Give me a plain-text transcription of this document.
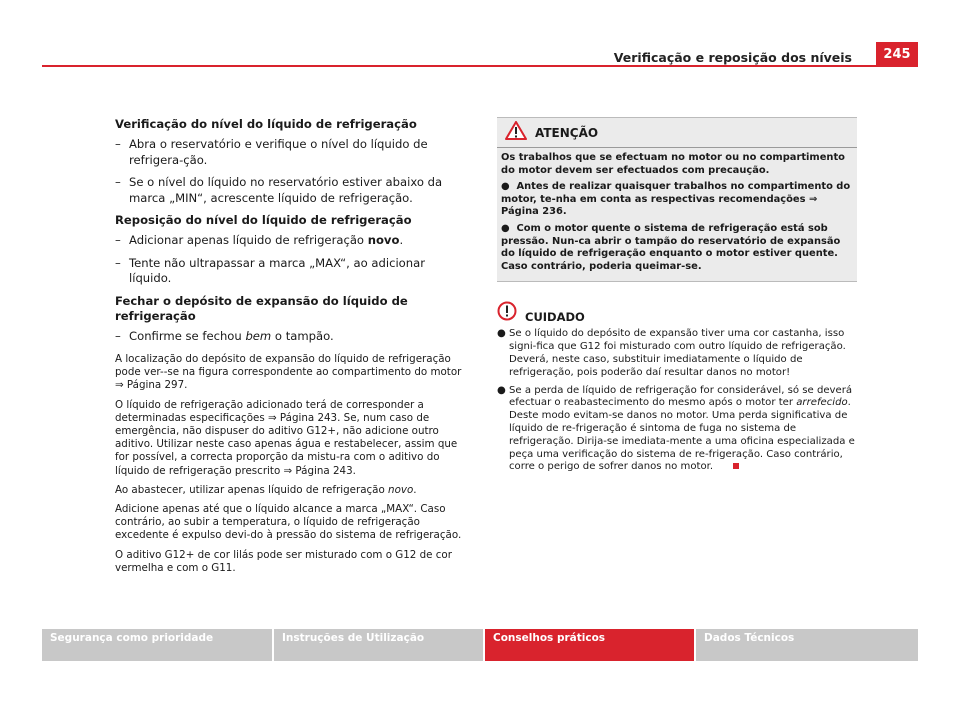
Verificação e reposição dos níveis	245
Verificação do nível do líquido de refrigeração
– Abra o reservatório e verifique o nível do líquido de refrigera-ção.
– Se o nível do líquido no reservatório estiver abaixo da marca „MIN“, acrescente líquido de refrigeração.
Reposição do nível do líquido de refrigeração
– Adicionar apenas líquido de refrigeração novo.
– Tente não ultrapassar a marca „MAX“, ao adicionar líquido.
Fechar o depósito de expansão do líquido de refrigeração
– Confirme se fechou bem o tampão.
A localização do depósito de expansão do líquido de refrigeração pode ver--se na figura correspondente ao compartimento do motor ⇒ Página 297.
O líquido de refrigeração adicionado terá de corresponder a determinadas especificações ⇒ Página 243. Se, num caso de emergência, não dispuser do aditivo G12+, não adicione outro aditivo. Utilizar neste caso apenas água e restabelecer, assim que for possível, a correcta proporção da mistu-ra com o aditivo do líquido de refrigeração prescrito ⇒ Página 243.
Ao abastecer, utilizar apenas líquido de refrigeração novo.
Adicione apenas até que o líquido alcance a marca „MAX“. Caso contrário, ao subir a temperatura, o líquido de refrigeração excedente é expulso devi-do à pressão do sistema de refrigeração.
O aditivo G12+ de cor lilás pode ser misturado com o G12 de cor vermelha e com o G11.
ATENÇÃO
Os trabalhos que se efectuam no motor ou no compartimento do motor devem ser efectuados com precaução.
●  Antes de realizar quaisquer trabalhos no compartimento do motor, te-nha em conta as respectivas recomendações ⇒ Página 236.
●  Com o motor quente o sistema de refrigeração está sob pressão. Nun-ca abrir o tampão do reservatório de expansão do líquido de refrigeração enquanto o motor estiver quente. Caso contrário, poderia queimar-se.
CUIDADO
● Se o líquido do depósito de expansão tiver uma cor castanha, isso signi-fica que G12 foi misturado com outro líquido de refrigeração. Deverá, neste caso, substituir imediatamente o líquido de refrigeração, pois poderão daí resultar danos no motor!
● Se a perda de líquido de refrigeração for considerável, só se deverá efectuar o reabastecimento do mesmo após o motor ter arrefecido. Deste modo evitam-se danos no motor. Uma perda significativa de líquido de re-frigeração é sintoma de fuga no sistema de refrigeração. Dirija-se imediata-mente a uma oficina especializada e peça uma verificação do sistema de re-frigeração. Caso contrário, corre o perigo de sofrer danos no motor.
Segurança como prioridade	Instruções de Utilização	Conselhos práticos	Dados Técnicos
